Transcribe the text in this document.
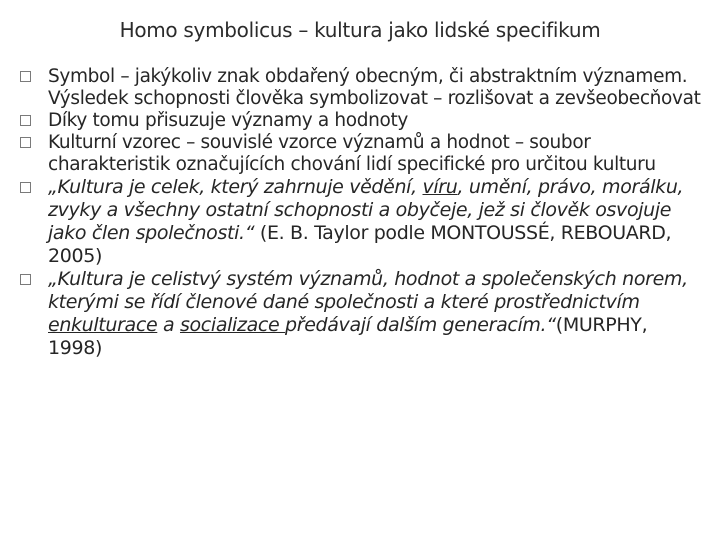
Homo symbolicus – kultura jako lidské specifikum
Symbol – jakýkoliv znak obdařený obecným, či abstraktním významem. Výsledek schopnosti člověka symbolizovat – rozlišovat a zevšeobecňovat
Díky tomu přisuzuje významy a hodnoty
Kulturní vzorec – souvislé vzorce významů a hodnot – soubor charakteristik označujících chování lidí specifické pro určitou kulturu
„Kultura je celek, který zahrnuje vědění, víru, umění, právo, morálku, zvyky a všechny ostatní schopnosti a obyčeje, jež si člověk osvojuje jako člen společnosti.“ (E. B. Taylor podle MONTOUSSÉ, REBOUARD, 2005)
„Kultura je celistvý systém významů, hodnot a společenských norem, kterými se řídí členové dané společnosti a které prostřednictvím enkulturace a socializace předávají dalším generacím.“(MURPHY, 1998)
